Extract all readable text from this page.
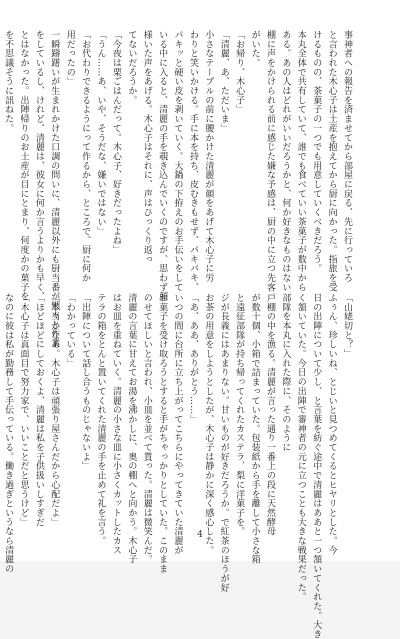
事神者への報告を済ませてから部屋に戻る、先に行っていろ
と言われた木心子は土産を抱えてから厨に向かった。指旅を受
けるものの、茶菓子の一つでも用意していくべきだろう。
本丸全体で共有していて、誰でも食べていい茶菓子が数中から
ある。あの人はどれがいいだろうかと、何か好きなものはない
棚に声をかけられる前に感じた嫌な予感は、厨の中に立つ先客
がいた。
「お帰り、木心子」
「清麗、あ、ただいま」
小さなテーブルの前に腰かけた清麗が顔をあげて木心子に労
わりと笑いかける。手に本を持ち、皮むきもせず、パキパキ、
パキッと硬い皮を剥いていく。大鍋の下拵えのお手伝いをして
いる中に入ると、清麗の手を覗き込んでいくのですが、思わず顔
様いた声をあげる。木心子はそれに、声はひっくり返っ
てないだろうか。
「今夜は栗ごはんだって。木心子、好きだったよね」
「うん……あ、いや、そうだな、嫌いではない」
「お代わりできるようにって作るから、ところで、厨に何か
用だったの」
一瞬躊躇いが生まれかけた口調の問いに、清麗以外にも厨当番が黙々と作業
をしているし、けれど、清麗は、彼女に何か言うよりかも早く、
とはなかった。出陣帰りのお土産が目にとまり、何度かの菓子を
を不思議そうに訊ねた。
「山姥切と？」
ふぅん、珍しいね、とじいと見つめてくるとヒヤリとした。今
日の出陣について少し、と言葉を紡ぐ途中で清麗はああと一つ頷いてくれた。大き
く頷いていた。今日の出陣で審神者の元に立つことも大きな戦果だった。
部隊を本丸に入れた際に、そのように
戸棚の中を漁る。清麗が言った通り一番上の段に天然酵母
が数十個、小箱で詰まっていた。包装紙から手を離して小さな箱
と遠征部隊が持ち帰ってくれたカステラ、梨に洋菓子を。
ジが長義にはあまりない。甘いものが好きだろうか。で紅茶のほうが好
お茶の用意をしようとしたが、木心子は静かに深く感心した。
「あ、ああ、ありがとう……」
いつの間に台所に立ち上がってこちらにやってきていた清麗が
お菓子を受け取ろうとすると手がちゃっかりとしていた。このまま
のせてほしいと言われ、小皿を並べて貰った。清麗は微笑んだ。
清麗の言葉に甘えてお湯を沸かしに、奥の棚へと向かう。木心子
はお皿を重ねていく。清麗の小さな皿に小さくカットしたカス
テラの箱をとんと置いてくれた清麗の手を止めて礼を言う。
「出陣について話し合うものじゃないよ」
「わかっている」
「本当かなあ。木心子は頑張り屋さんだから心配だよ」
「ほどほどにしておくよ、清麗は私を子供扱いしすぎだ
「木心子は真面目で努力家で、いいことだと思うけど」
なのに彼は私が勤務して手伝っている。働き過ぎというなら清麗の	4
